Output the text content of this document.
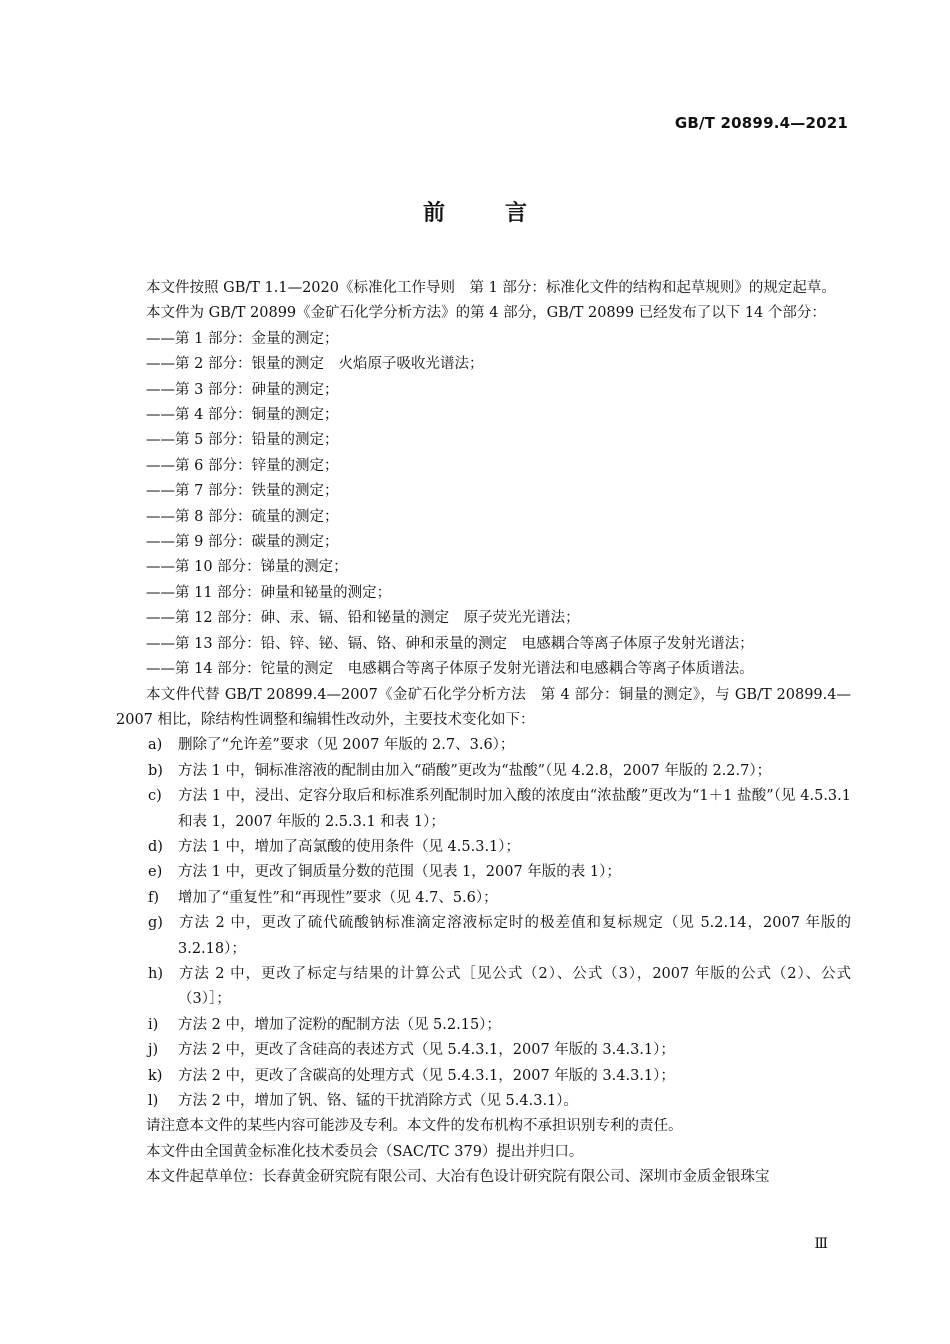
GB/T 20899.4—2021
前言

本文件按照 GB/T 1.1—2020《标准化工作导则　第 1 部分：标准化文件的结构和起草规则》的规定起草。

本文件为 GB/T 20899《金矿石化学分析方法》的第 4 部分，GB/T 20899 已经发布了以下 14 个部分：

——第 1 部分：金量的测定；

——第 2 部分：银量的测定　火焰原子吸收光谱法；

——第 3 部分：砷量的测定；

——第 4 部分：铜量的测定；

——第 5 部分：铅量的测定；

——第 6 部分：锌量的测定；

——第 7 部分：铁量的测定；

——第 8 部分：硫量的测定；

——第 9 部分：碳量的测定；

——第 10 部分：锑量的测定；

——第 11 部分：砷量和铋量的测定；

——第 12 部分：砷、汞、镉、铅和铋量的测定　原子荧光光谱法；

——第 13 部分：铅、锌、铋、镉、铬、砷和汞量的测定　电感耦合等离子体原子发射光谱法；

——第 14 部分：铊量的测定　电感耦合等离子体原子发射光谱法和电感耦合等离子体质谱法。

本文件代替 GB/T 20899.4—2007《金矿石化学分析方法　第 4 部分：铜量的测定》，与 GB/T 20899.4—2007 相比，除结构性调整和编辑性改动外，主要技术变化如下：

a) 删除了“允许差”要求（见 2007 年版的 2.7、3.6）；

b) 方法 1 中，铜标准溶液的配制由加入“硝酸”更改为“盐酸”（见 4.2.8，2007 年版的 2.2.7）；

c) 方法 1 中，浸出、定容分取后和标准系列配制时加入酸的浓度由“浓盐酸”更改为“1＋1 盐酸”（见 4.5.3.1 和表 1，2007 年版的 2.5.3.1 和表 1）；

d) 方法 1 中，增加了高氯酸的使用条件（见 4.5.3.1）；

e) 方法 1 中，更改了铜质量分数的范围（见表 1，2007 年版的表 1）；

f) 增加了“重复性”和“再现性”要求（见 4.7、5.6）；

g) 方法 2 中，更改了硫代硫酸钠标准滴定溶液标定时的极差值和复标规定（见 5.2.14，2007 年版的 3.2.18）；

h) 方法 2 中，更改了标定与结果的计算公式［见公式（2）、公式（3），2007 年版的公式（2）、公式（3）］；

i) 方法 2 中，增加了淀粉的配制方法（见 5.2.15）；

j) 方法 2 中，更改了含硅高的表述方式（见 5.4.3.1，2007 年版的 3.4.3.1）；

k) 方法 2 中，更改了含碳高的处理方式（见 5.4.3.1，2007 年版的 3.4.3.1）；

l) 方法 2 中，增加了钒、铬、锰的干扰消除方式（见 5.4.3.1）。

请注意本文件的某些内容可能涉及专利。本文件的发布机构不承担识别专利的责任。

本文件由全国黄金标准化技术委员会（SAC/TC 379）提出并归口。

本文件起草单位：长春黄金研究院有限公司、大冶有色设计研究院有限公司、深圳市金质金银珠宝

Ⅲ
